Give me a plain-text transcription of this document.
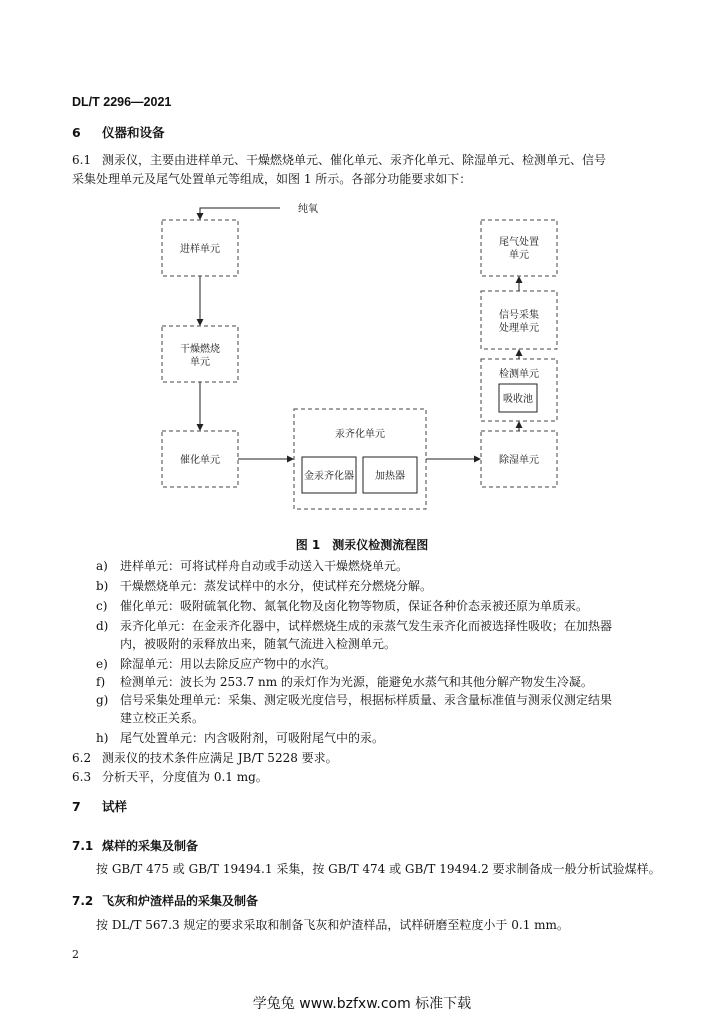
DL/T 2296—2021
6 仪器和设备
6.1 测汞仪，主要由进样单元、干燥燃烧单元、催化单元、汞齐化单元、除湿单元、检测单元、信号
采集处理单元及尾气处置单元等组成，如图 1 所示。各部分功能要求如下：
纯氧
进样单元
干燥燃烧
单元
催化单元
汞齐化单元
金汞齐化器 加热器
除湿单元
检测单元
吸收池
信号采集
处理单元
尾气处置
单元
图 1　测汞仪检测流程图
a)	进样单元：可将试样舟自动或手动送入干燥燃烧单元。
b) 干燥燃烧单元：蒸发试样中的水分，使试样充分燃烧分解。
c)	催化单元：吸附硫氧化物、氮氧化物及卤化物等物质，保证各种价态汞被还原为单质汞。
d) 汞齐化单元：在金汞齐化器中，试样燃烧生成的汞蒸气发生汞齐化而被选择性吸收；在加热器
内，被吸附的汞释放出来，随氧气流进入检测单元。
e)	除湿单元：用以去除反应产物中的水汽。
f)	检测单元：波长为 253.7 nm 的汞灯作为光源，能避免水蒸气和其他分解产物发生冷凝。
g) 信号采集处理单元：采集、测定吸光度信号，根据标样质量、汞含量标准值与测汞仪测定结果
建立校正关系。
h) 尾气处置单元：内含吸附剂，可吸附尾气中的汞。
6.2 测汞仪的技术条件应满足 JB/T 5228 要求。
6.3 分析天平，分度值为 0.1 mg。
7 试样
7.1 煤样的采集及制备
按 GB/T 475 或 GB/T 19494.1 采集，按 GB/T 474 或 GB/T 19494.2 要求制备成一般分析试验煤样。
7.2 飞灰和炉渣样品的采集及制备
按 DL/T 567.3 规定的要求采取和制备飞灰和炉渣样品，试样研磨至粒度小于 0.1 mm。
2
学兔兔 www.bzfxw.com 标准下载
